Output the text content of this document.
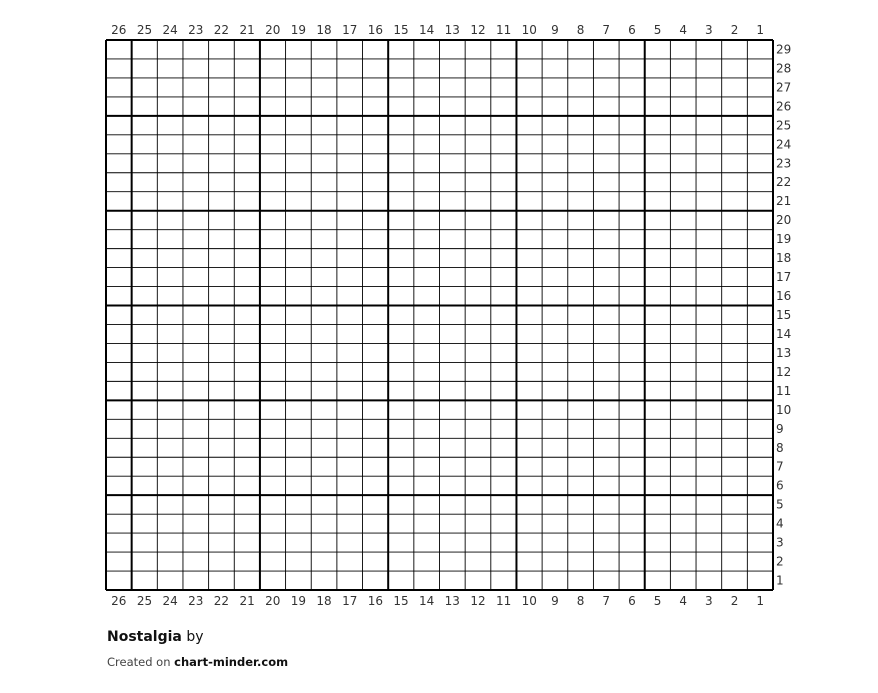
26 25 24 23 22 21 20 19 18 17 16 15 14 13 12 11 10 9 8 7 6 5 4 3 2 1
26 25 24 23 22 21 20 19 18 17 16 15 14 13 12 11 10 9 8 7 6 5 4 3 2 1
29
28
27
26
25
24
23
22
21
20
19
18
17
16
15
14
13
12
11
10
9
8
7
6
5
4
3
2
1
Nostalgia by
Created on chart-minder.com
